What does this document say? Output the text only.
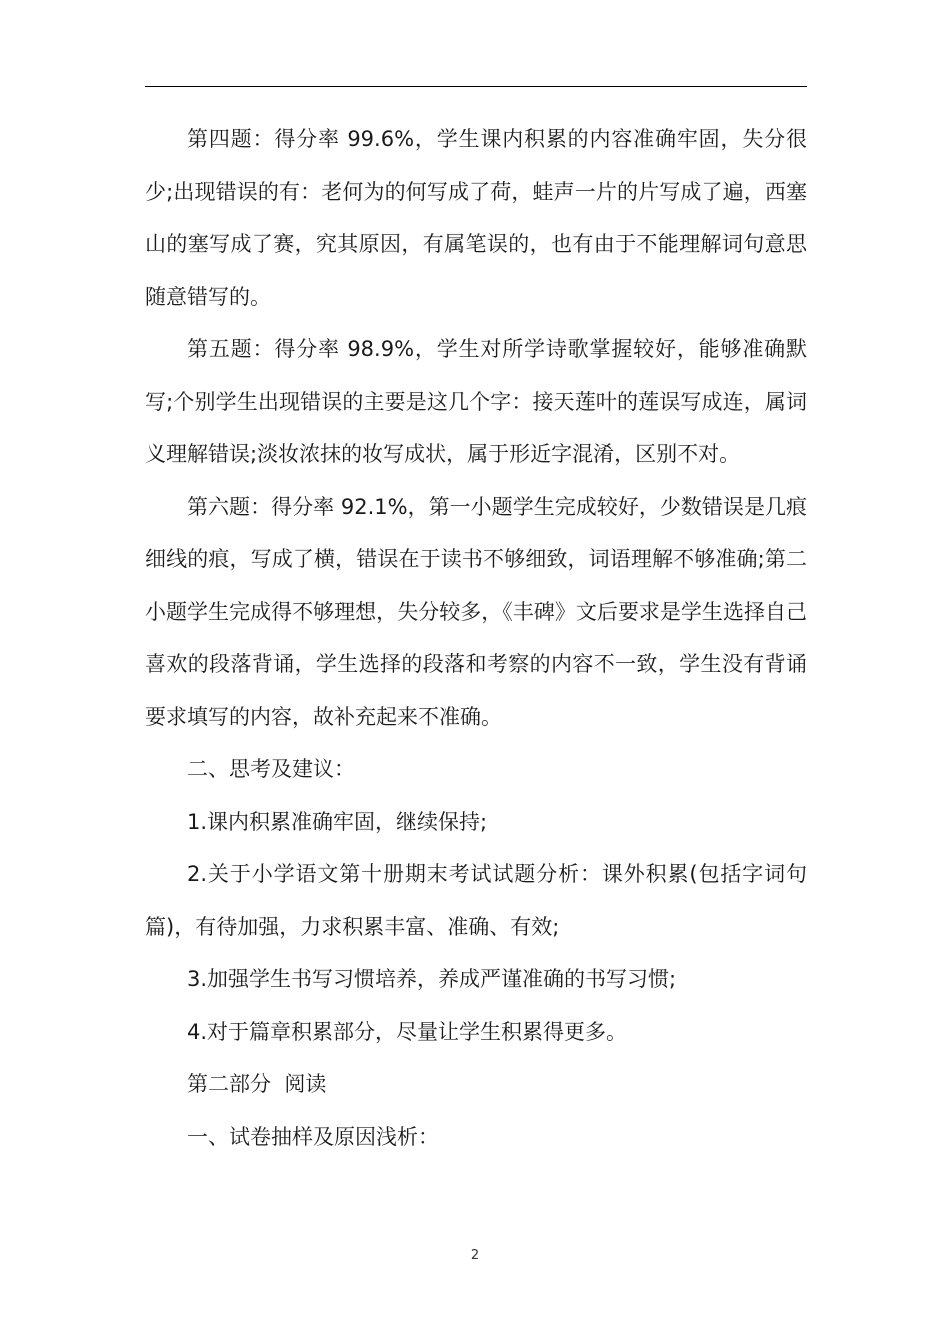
第四题：得分率 99.6%，学生课内积累的内容准确牢固，失分很少;出现错误的有：老何为的何写成了荷，蛙声一片的片写成了遍，西塞山的塞写成了赛，究其原因，有属笔误的，也有由于不能理解词句意思随意错写的。

第五题：得分率 98.9%，学生对所学诗歌掌握较好，能够准确默写;个别学生出现错误的主要是这几个字：接天莲叶的莲误写成连，属词义理解错误;淡妆浓抹的妆写成状，属于形近字混淆，区别不对。

第六题：得分率 92.1%，第一小题学生完成较好，少数错误是几痕细线的痕，写成了横，错误在于读书不够细致，词语理解不够准确;第二小题学生完成得不够理想，失分较多，《丰碑》文后要求是学生选择自己喜欢的段落背诵，学生选择的段落和考察的内容不一致，学生没有背诵要求填写的内容，故补充起来不准确。

二、思考及建议：

1.课内积累准确牢固，继续保持;

2.关于小学语文第十册期末考试试题分析：课外积累(包括字词句篇)，有待加强，力求积累丰富、准确、有效;

3.加强学生书写习惯培养，养成严谨准确的书写习惯;

4.对于篇章积累部分，尽量让学生积累得更多。

第二部分  阅读

一、试卷抽样及原因浅析：

2
